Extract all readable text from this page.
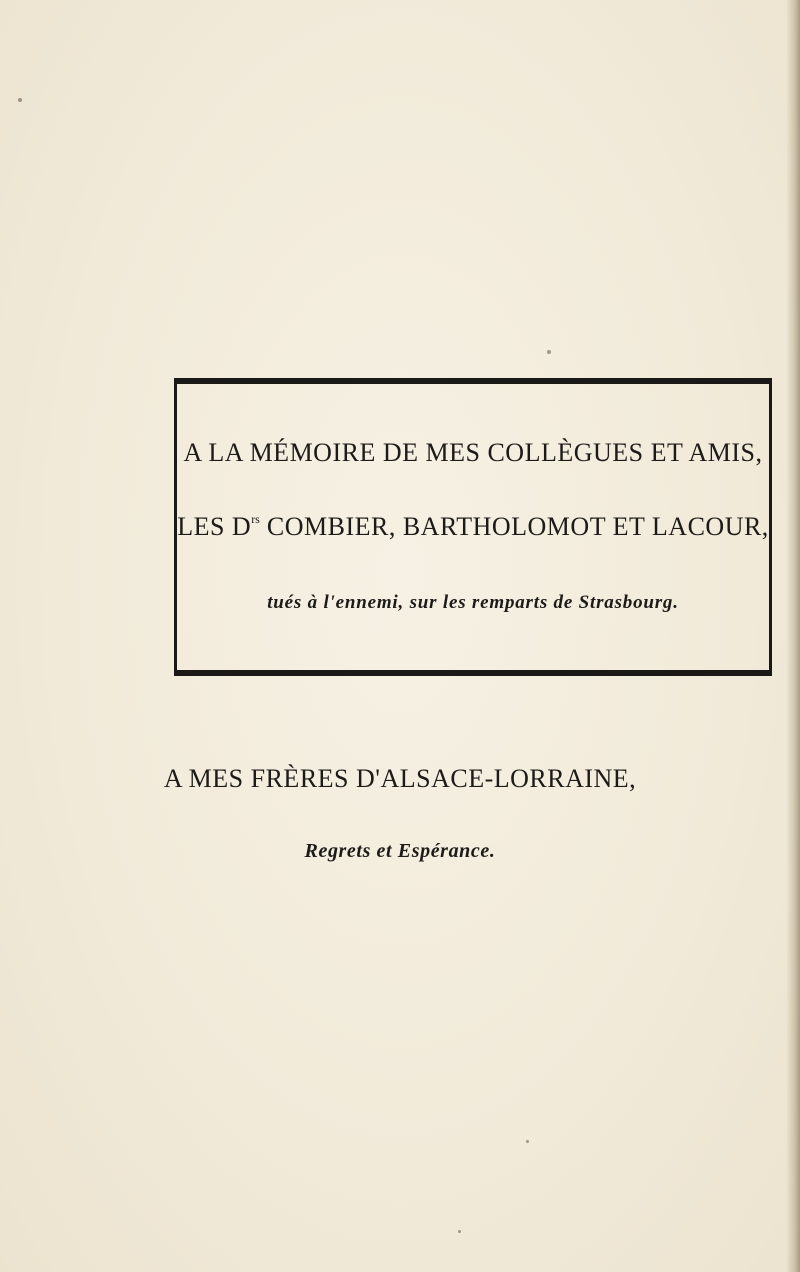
A LA MÉMOIRE DE MES COLLÈGUES ET AMIS,
LES $D^{rs}$ COMBIER, BARTHOLOMOT ET LACOUR,
tués à l'ennemi, sur les remparts de Strasbourg.
A MES FRÈRES D'ALSACE-LORRAINE,
Regrets et Espérance.
